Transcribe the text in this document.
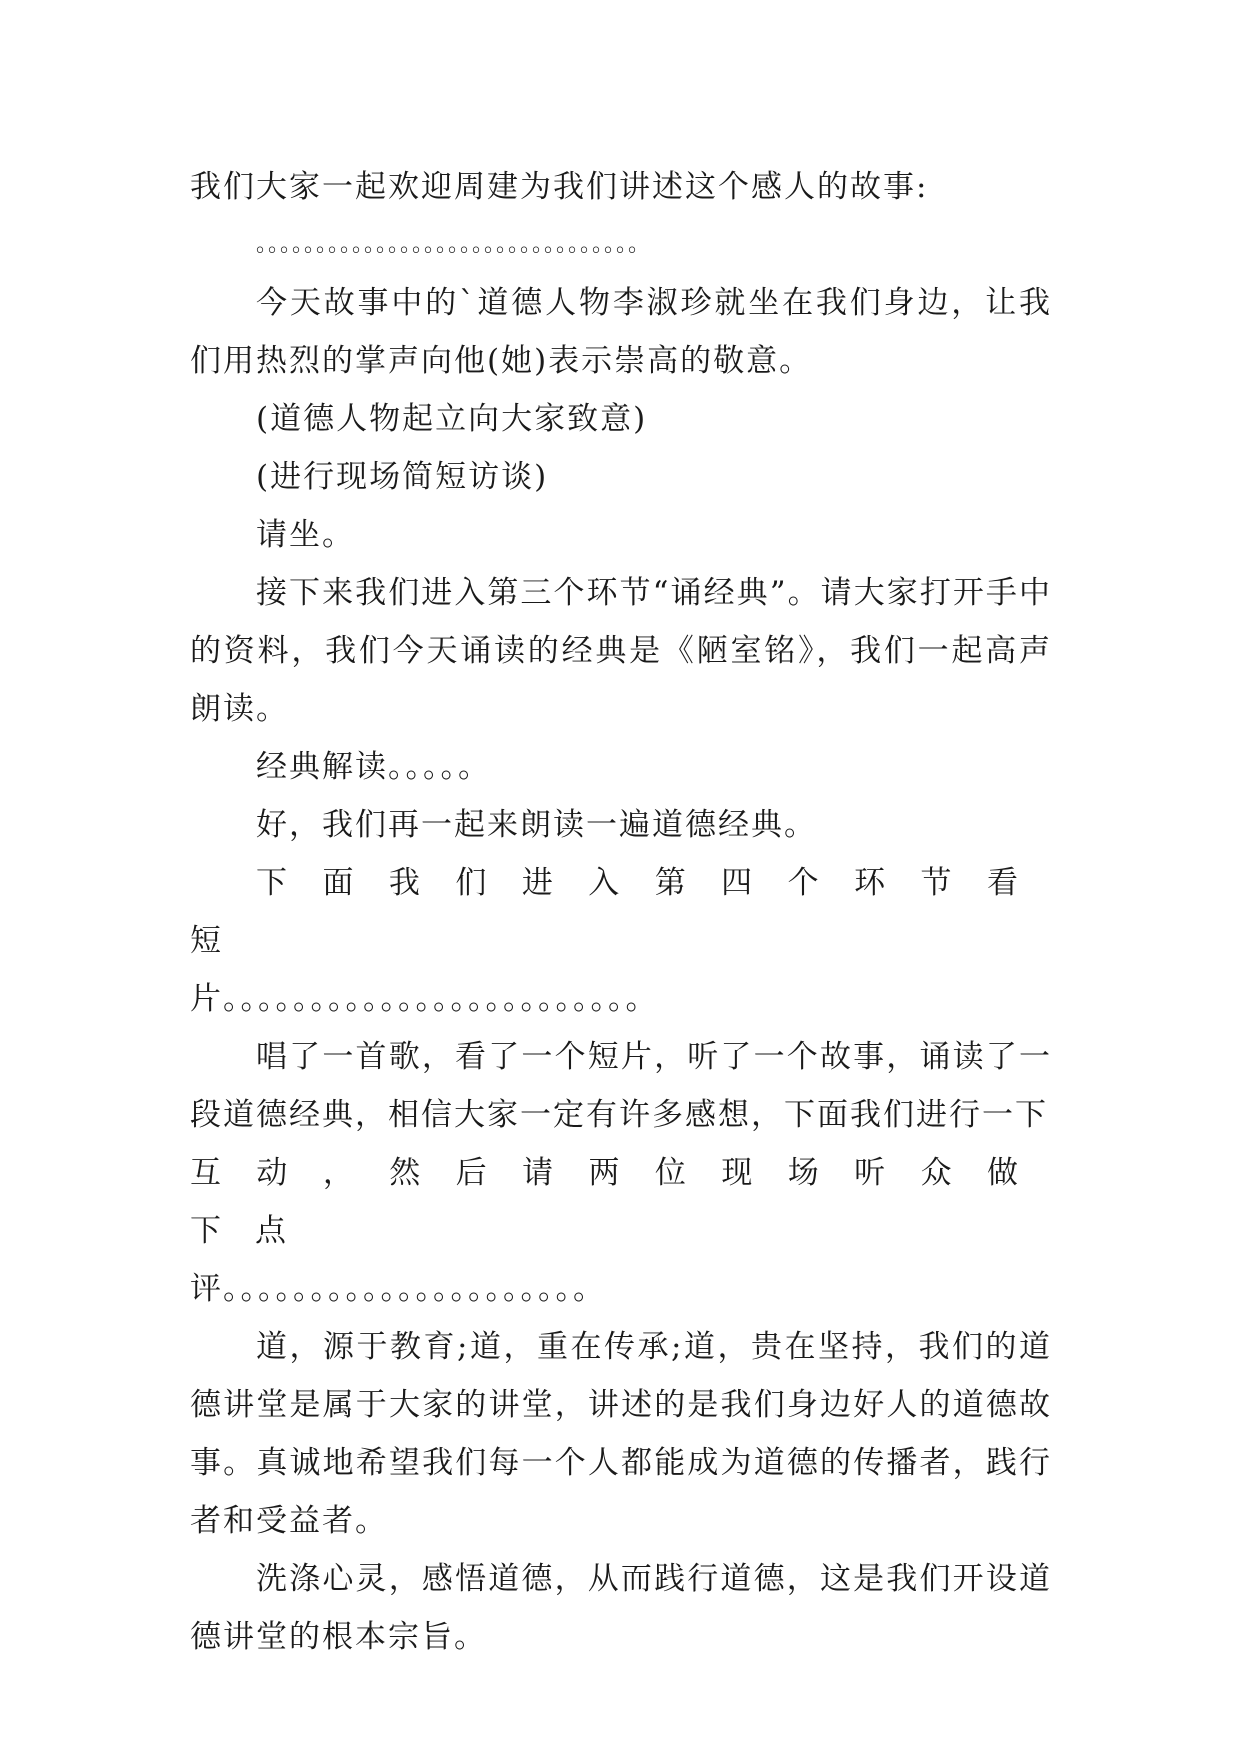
我们大家一起欢迎周建为我们讲述这个感人的故事:

。。。。。。。。。。。。。。。。。。。。。。。。。。。。。。。。

今天故事中的`道德人物李淑珍就坐在我们身边，让我们用热烈的掌声向他(她)表示崇高的敬意。

(道德人物起立向大家致意)

(进行现场简短访谈)

请坐。

接下来我们进入第三个环节“诵经典”。请大家打开手中的资料，我们今天诵读的经典是《陋室铭》，我们一起高声朗读。

经典解读。。。。。

好，我们再一起来朗读一遍道德经典。

下面我们进入第四个环节看短

片。。。。。。。。。。。。。。。。。。。。。。。。

唱了一首歌，看了一个短片，听了一个故事，诵读了一段道德经典，相信大家一定有许多感想，下面我们进行一下

互动，然后请两位现场听众做下点

评。。。。。。。。。。。。。。。。。。。。。

道，源于教育;道，重在传承;道，贵在坚持，我们的道德讲堂是属于大家的讲堂，讲述的是我们身边好人的道德故事。真诚地希望我们每一个人都能成为道德的传播者，践行者和受益者。

洗涤心灵，感悟道德，从而践行道德，这是我们开设道德讲堂的根本宗旨。
